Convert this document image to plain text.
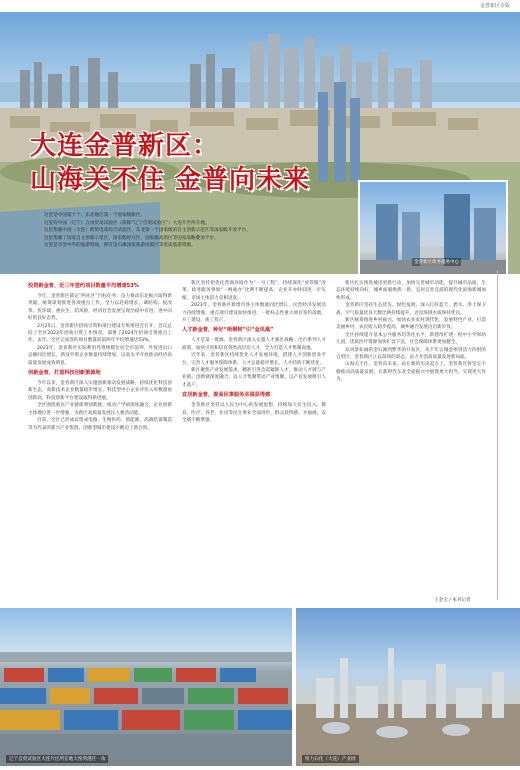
金普新区专版
大连金普新区：
山海关不住 金普向未来
金普新区政务服务中心

这里是中国第十个、东北地区第一个国家级新区。

这里有中国（辽宁）自由贸易试验区（简称“辽宁自贸试验区”）大连片区所在地。

这里集聚中国（大连）跨境电商综合试验区、东北第一个国家级的自主创新示范区等国家级开放平台。

这里集聚了国家自主创新示范区、国家级经开区、国家级高新区等国家战略叠加平台。

这里是享誉中外的旅游胜地，拥有金石滩国家旅游度假区等优质旅游资源。

投资新金普，近三年签约项目数量平均增速53%

今年，金普新区锚定“两先区”目标任务，奋力推动东北振兴取得新突破。统筹谋划推进各项重点工作，全力以赴稳增长、调结构、促改革、优环境、惠民生、防风险，经济社会发展呈现出稳中有进、进中向好的良好态势。

2月25日，金普新区招商引资和项目建设专班推进会召开，会议总结了全区2023年招商引资工作情况，部署了2024年招商引资重点工作。去年，全区完成签约项目数量较前两年平均增速达53%。

2023年，金普新区实际利用外资规模位居全市前列，外贸进出口总额同比增长，新设外资企业数量持续增加，以高水平开放推动经济高质量发展成效明显。

创新金普，打造科技创新策源地

今年以来，金普新区深入实施创新驱动发展战略，持续优化科技创新生态，高新技术企业数量稳步增长，科技型中小企业评价入库数量再创新高，科技创新平台建设取得新进展。

全区围绕重点产业链部署创新链，推动产学研深度融合，企业创新主体地位进一步增强，为新区高质量发展注入强劲动能。

目前，全区已形成以集成电路、生物医药、新能源、高端装备制造等为代表的新兴产业集群，创新型城市建设不断迈上新台阶。

新区坚持把优化营商环境作为“一号工程”，持续深化“放管服”改革，政务服务事项“一网通办”比例不断提高，企业开办时间进一步压缩，市场主体活力竞相迸发。

2023年，金普新区新增市场主体数量同比增长，民营经济发展活力持续增强，重点项目建设加快推进，一批标志性重大项目签约落地、开工建设、竣工投产。

人才新金普，种好“梧桐树”引“金凤凰”

人才是第一资源。金普新区深入实施人才强区战略，出台系列人才政策，加快引进和培育各类高层次人才，全力打造人才集聚高地。

近年来，金普新区持续优化人才发展环境，搭建人才创新创业平台，完善人才服务保障体系，人才总量稳步增长，人才结构不断优化。

新区聚焦产业发展需求，精准引进急需紧缺人才，推动人才链与产业链、创新链深度融合，以人才集聚带动产业集聚、以产业发展吸引人才落户。

宜居新金普，提高民事服务幸福获得感

金普新区坚持以人民为中心的发展思想，持续加大民生投入，教育、医疗、养老、住房等民生事业全面进步，群众获得感、幸福感、安全感不断增强。

新区扎实推进城市更新行动，加快完善城市功能，提升城市品质，生态环境持续向好，城乡面貌焕然一新，宜居宜业宜游的现代化滨海新城加快形成。

金普新区坚持生态优先、绿色发展，深入打好蓝天、碧水、净土保卫战，空气质量优良天数比例持续提升，近岸海域水质保持优良。

新区统筹推进乡村振兴，加快农业农村现代化，发展特色产业，打造美丽乡村，农民收入稳步提高，城乡融合发展迈出新步伐。

全区持续提升基本公共服务均等化水平，新建改扩建一批中小学和幼儿园，优质医疗资源加快扩容下沉，社会保障体系更加健全。

从风景如画的金石滩到繁华的开发区，从千年古城金州到活力四射的自贸区，金普新区正以昂扬的姿态，奋力开创高质量发展新局面。

山海关不住，金普向未来。站在新的历史起点上，金普新区将坚定不移推动高质量发展，在新时代东北全面振兴中展现更大担当、实现更大作为。

王金宝 / 本刊记者
辽宁自贸试验区大连片区所在地大窑湾港区一角	恒力石化（大连）产业园
